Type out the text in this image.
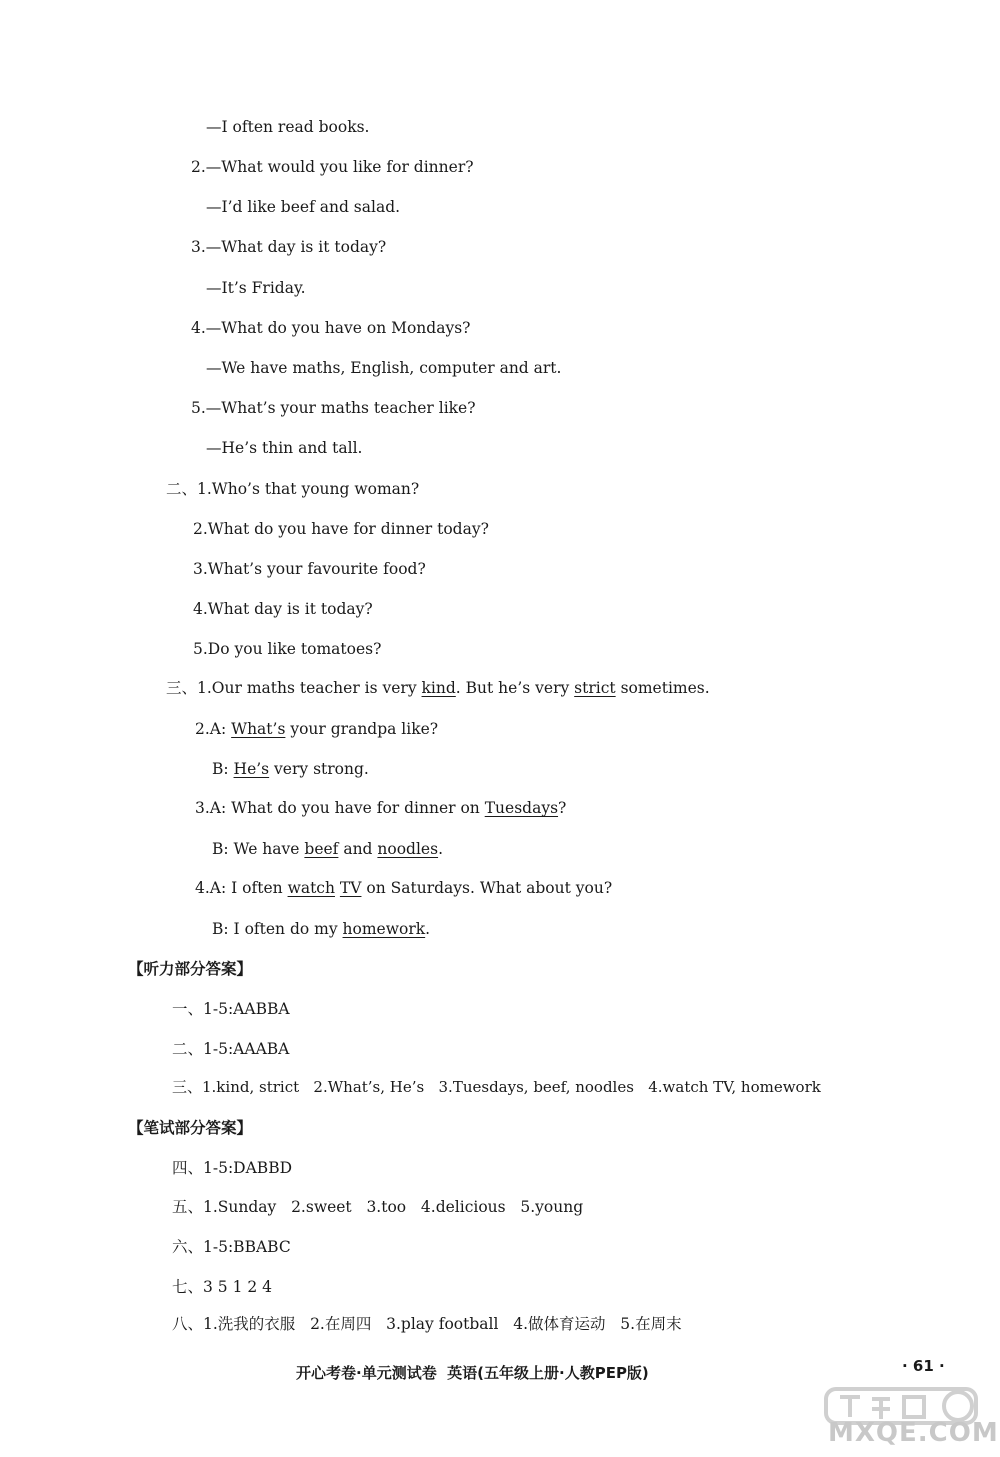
—I often read books.
2.—What would you like for dinner?
—I’d like beef and salad.
3.—What day is it today?
—It’s Friday.
4.—What do you have on Mondays?
—We have maths, English, computer and art.
5.—What’s your maths teacher like?
—He’s thin and tall.
二、1.Who’s that young woman?
2.What do you have for dinner today?
3.What’s your favourite food?
4.What day is it today?
5.Do you like tomatoes?
三、1.Our maths teacher is very kind. But he’s very strict sometimes.
2.A: What’s your grandpa like?
B: He’s very strong.
3.A: What do you have for dinner on Tuesdays?
B: We have beef and noodles.
4.A: I often watch TV on Saturdays. What about you?
B: I often do my homework.
【听力部分答案】
一、1-5:AABBA
二、1-5:AAABA
三、1.kind, strict   2.What’s, He’s   3.Tuesdays, beef, noodles   4.watch TV, homework
【笔试部分答案】
四、1-5:DABBD
五、1.Sunday   2.sweet   3.too   4.delicious   5.young
六、1-5:BBABC
七、3 5 1 2 4
八、1.洗我的衣服   2.在周四   3.play football   4.做体育运动   5.在周末
开心考卷·单元测试卷  英语(五年级上册·人教PEP版)	· 61 ·
MXQE.COM
